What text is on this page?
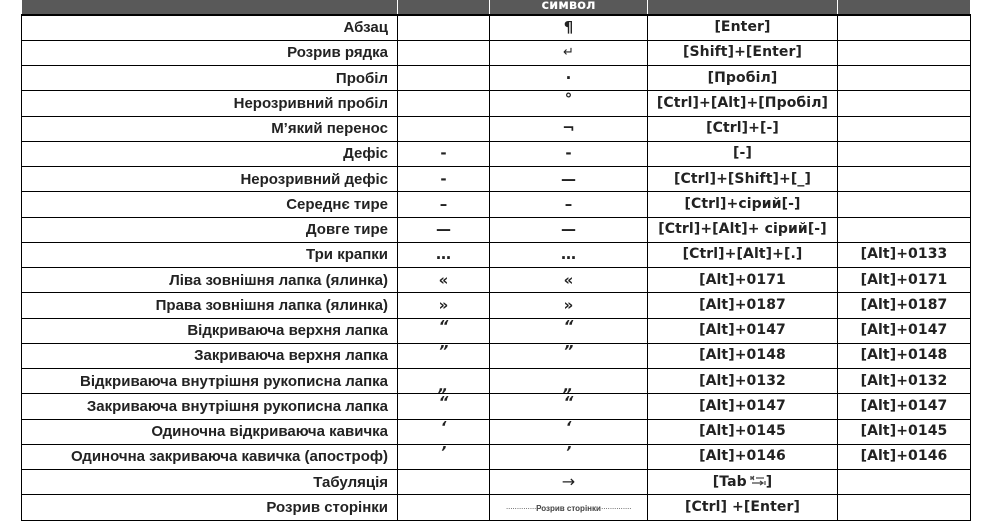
		символ		
Абзац		¶	[Enter]	
Розрив рядка		↵	[Shift]+[Enter]	
Пробіл		·	[Пробіл]	
Нерозривний пробіл		°	[Ctrl]+[Alt]+[Пробіл]	
М’який перенос		¬	[Ctrl]+[-]	
Дефіс	-	-	[-]	
Нерозривний дефіс	-	—	[Ctrl]+[Shift]+[_]	
Середнє тире	–	–	[Ctrl]+сірий[-]	
Довге тире	—	—	[Ctrl]+[Alt]+ сірий[-]	
Три крапки	…	…	[Ctrl]+[Alt]+[.]	[Alt]+0133
Ліва зовнішня лапка (ялинка)	«	«	[Alt]+0171	[Alt]+0171
Права зовнішня лапка (ялинка)	»	»	[Alt]+0187	[Alt]+0187
Відкриваюча верхня лапка	“	“	[Alt]+0147	[Alt]+0147
Закриваюча верхня лапка	”	”	[Alt]+0148	[Alt]+0148
Відкриваюча внутрішня рукописна лапка	„	„	[Alt]+0132	[Alt]+0132
Закриваюча внутрішня рукописна лапка	“	“	[Alt]+0147	[Alt]+0147
Одиночна відкриваюча кавичка	‘	‘	[Alt]+0145	[Alt]+0145
Одиночна закриваюча кавичка (апостроф)	’	’	[Alt]+0146	[Alt]+0146
Табуляція		→	[Tab ]	
Розрив сторінки		··············Розрив сторінки··············	[Ctrl] +[Enter]	
